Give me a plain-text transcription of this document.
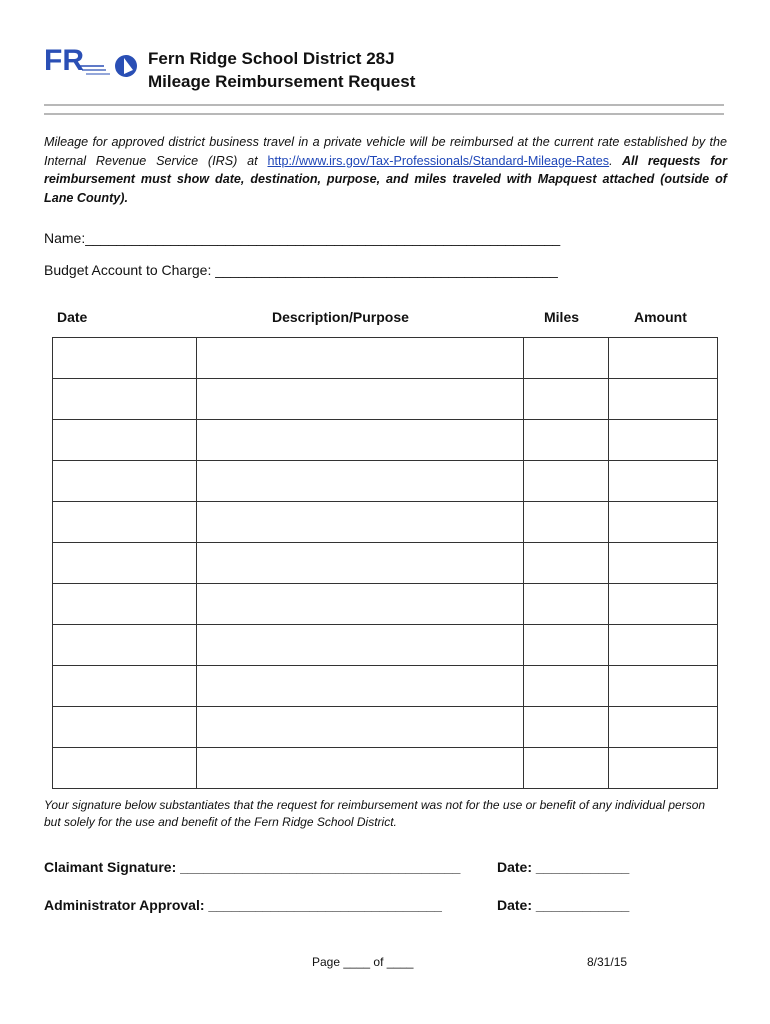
FR	Fern Ridge School District 28J
Mileage Reimbursement Request
Mileage for approved district business travel in a private vehicle will be reimbursed at the current rate established by the Internal Revenue Service (IRS) at http://www.irs.gov/Tax-Professionals/Standard-Mileage-Rates. All requests for reimbursement must show date, destination, purpose, and miles traveled with Mapquest attached (outside of Lane County).
Name:_____________________________________________________________
Budget Account to Charge: ____________________________________________
Date	Description/Purpose	Miles	Amount

Your signature below substantiates that the request for reimbursement was not for the use or benefit of any individual person but solely for the use and benefit of the Fern Ridge School District.
Claimant Signature: ____________________________________	Date: ____________
Administrator Approval: ______________________________	Date: ____________
Page ____ of ____	8/31/15
